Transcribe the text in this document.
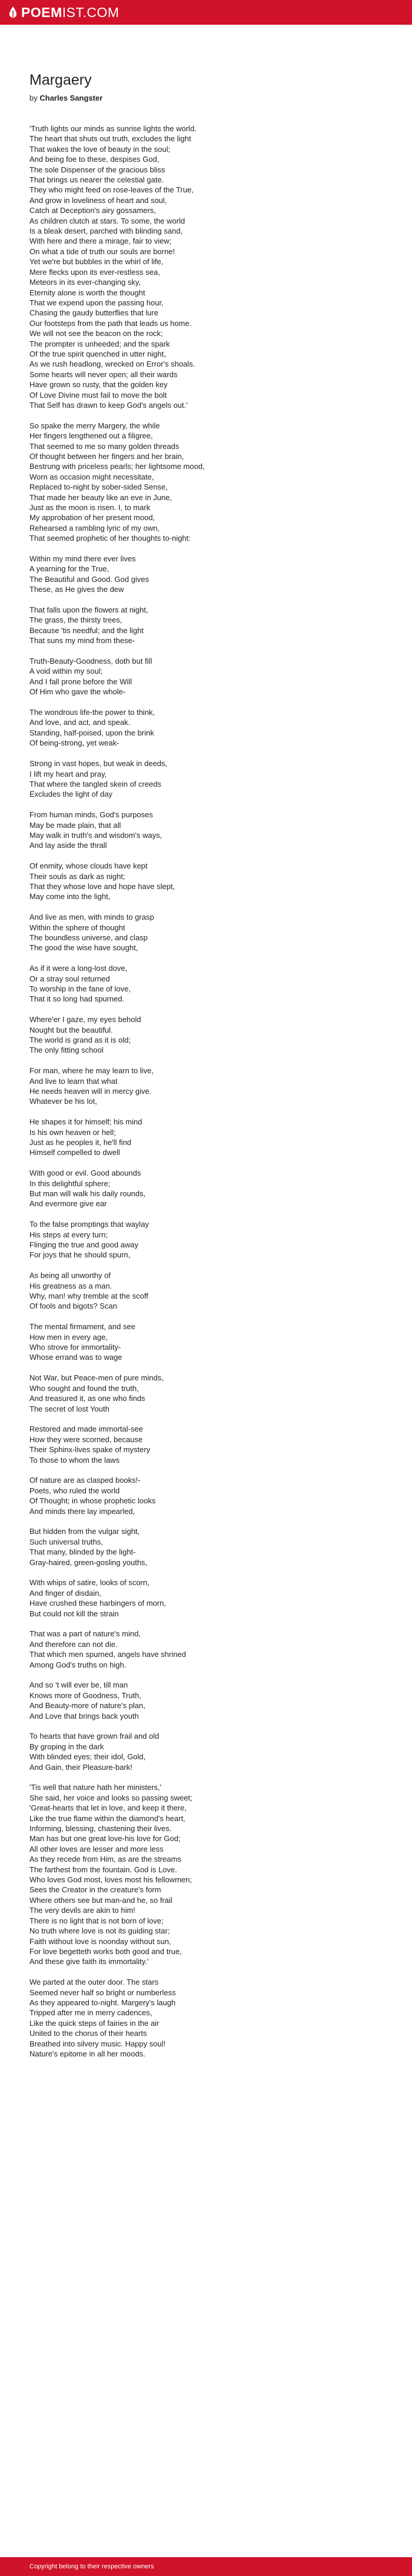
POEMIST.COM
Margaery
by Charles Sangster
'Truth lights our minds as sunrise lights the world.
The heart that shuts out truth, excludes the light
That wakes the love of beauty in the soul;
And being foe to these, despises God,
The sole Dispenser of the gracious bliss
That brings us nearer the celestial gate.
They who might feed on rose-leaves of the True,
And grow in loveliness of heart and soul,
Catch at Deception's airy gossamers,
As children clutch at stars. To some, the world
Is a bleak desert, parched with blinding sand,
With here and there a mirage, fair to view;
On what a tide of truth our souls are borne!
Yet we're but bubbles in the whirl of life,
Mere flecks upon its ever-restless sea,
Meteors in its ever-changing sky,
Eternity alone is worth the thought
That we expend upon the passing hour,
Chasing the gaudy butterflies that lure
Our footsteps from the path that leads us home.
We will not see the beacon on the rock;
The prompter is unheeded; and the spark
Of the true spirit quenched in utter night,
As we rush headlong, wrecked on Error's shoals.
Some hearts will never open; all their wards
Have grown so rusty, that the golden key
Of Love Divine must fail to move the bolt
That Self has drawn to keep God's angels out.'
So spake the merry Margery, the while
Her fingers lengthened out a filigree,
That seemed to me so many golden threads
Of thought between her fingers and her brain,
Bestrung with priceless pearls; her lightsome mood,
Worn as occasion might necessitate,
Replaced to-night by sober-sided Sense,
That made her beauty like an eve in June,
Just as the moon is risen. I, to mark
My approbation of her present mood,
Rehearsed a rambling lyric of my own,
That seemed prophetic of her thoughts to-night:
Within my mind there ever lives
A yearning for the True,
The Beautiful and Good. God gives
These, as He gives the dew
That falls upon the flowers at night,
The grass, the thirsty trees,
Because 'tis needful; and the light
That suns my mind from these-
Truth-Beauty-Goodness, doth but fill
A void within my soul;
And I fall prone before the Will
Of Him who gave the whole-
The wondrous life-the power to think,
And love, and act, and speak.
Standing, half-poised, upon the brink
Of being-strong, yet weak-
Strong in vast hopes, but weak in deeds,
I lift my heart and pray,
That where the tangled skein of creeds
Excludes the light of day
From human minds, God's purposes
May be made plain, that all
May walk in truth's and wisdom's ways,
And lay aside the thrall
Of enmity, whose clouds have kept
Their souls as dark as night;
That they whose love and hope have slept,
May come into the light,
And live as men, with minds to grasp
Within the sphere of thought
The boundless universe, and clasp
The good the wise have sought,
As if it were a long-lost dove,
Or a stray soul returned
To worship in the fane of love,
That it so long had spurned.
Where'er I gaze, my eyes behold
Nought but the beautiful.
The world is grand as it is old;
The only fitting school
For man, where he may learn to live,
And live to learn that what
He needs heaven will in mercy give.
Whatever be his lot,
He shapes it for himself; his mind
Is his own heaven or hell;
Just as he peoples it, he'll find
Himself compelled to dwell
With good or evil. Good abounds
In this delightful sphere;
But man will walk his daily rounds,
And evermore give ear
To the false promptings that waylay
His steps at every turn;
Flinging the true and good away
For joys that he should spurn,
As being all unworthy of
His greatness as a man.
Why, man! why tremble at the scoff
Of fools and bigots? Scan
The mental firmament, and see
How men in every age,
Who strove for immortality-
Whose errand was to wage
Not War, but Peace-men of pure minds,
Who sought and found the truth,
And treasured it, as one who finds
The secret of lost Youth
Restored and made immortal-see
How they were scorned, because
Their Sphinx-lives spake of mystery
To those to whom the laws
Of nature are as clasped books!-
Poets, who ruled the world
Of Thought; in whose prophetic looks
And minds there lay impearled,
But hidden from the vulgar sight,
Such universal truths,
That many, blinded by the light-
Gray-haired, green-gosling youths,
With whips of satire, looks of scorn,
And finger of disdain,
Have crushed these harbingers of morn,
But could not kill the strain
That was a part of nature's mind,
And therefore can not die.
That which men spurned, angels have shrined
Among God's truths on high.
And so 't will ever be, till man
Knows more of Goodness, Truth,
And Beauty-more of nature's plan,
And Love that brings back youth
To hearts that have grown frail and old
By groping in the dark
With blinded eyes; their idol, Gold,
And Gain, their Pleasure-bark!
'Tis well that nature hath her ministers,'
She said, her voice and looks so passing sweet;
'Great-hearts that let in love, and keep it there,
Like the true flame within the diamond's heart,
Informing, blessing, chastening their lives.
Man has but one great love-his love for God;
All other loves are lesser and more less
As they recede from Him, as are the streams
The farthest from the fountain. God is Love.
Who loves God most, loves most his fellowmen;
Sees the Creator in the creature's form
Where others see but man-and he, so frail
The very devils are akin to him!
There is no light that is not born of love;
No truth where love is not its guiding star;
Faith without love is noonday without sun,
For love begetteth works both good and true,
And these give faith its immortality.'
We parted at the outer door. The stars
Seemed never half so bright or numberless
As they appeared to-night. Margery's laugh
Tripped after me in merry cadences,
Like the quick steps of fairies in the air
United to the chorus of their hearts
Breathed into silvery music. Happy soul!
Nature's epitome in all her moods.
Copyright belong to their respective owners
